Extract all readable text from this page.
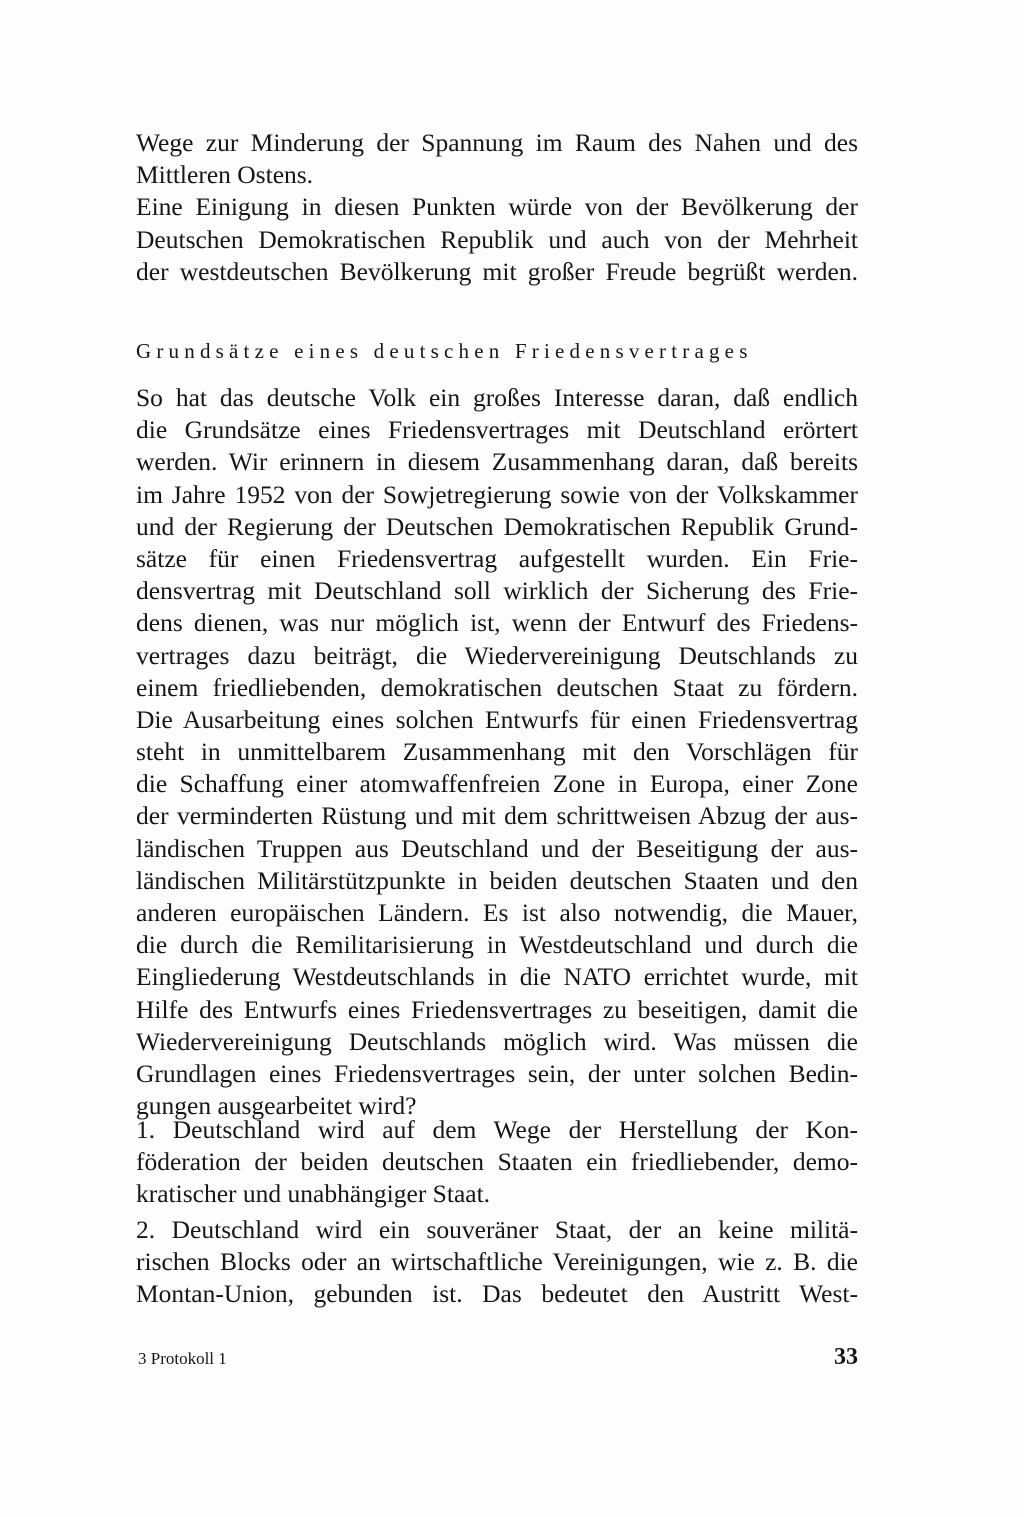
Wege zur Minderung der Spannung im Raum des Nahen und des
Mittleren Ostens.
Eine Einigung in diesen Punkten würde von der Bevölkerung der
Deutschen Demokratischen Republik und auch von der Mehrheit
der westdeutschen Bevölkerung mit großer Freude begrüßt werden.
Grundsätze eines deutschen Friedensvertrages
So hat das deutsche Volk ein großes Interesse daran, daß endlich
die Grundsätze eines Friedensvertrages mit Deutschland erörtert
werden. Wir erinnern in diesem Zusammenhang daran, daß bereits
im Jahre 1952 von der Sowjetregierung sowie von der Volkskammer
und der Regierung der Deutschen Demokratischen Republik Grund-
sätze für einen Friedensvertrag aufgestellt wurden. Ein Frie-
densvertrag mit Deutschland soll wirklich der Sicherung des Frie-
dens dienen, was nur möglich ist, wenn der Entwurf des Friedens-
vertrages dazu beiträgt, die Wiedervereinigung Deutschlands zu
einem friedliebenden, demokratischen deutschen Staat zu fördern.
Die Ausarbeitung eines solchen Entwurfs für einen Friedensvertrag
steht in unmittelbarem Zusammenhang mit den Vorschlägen für
die Schaffung einer atomwaffenfreien Zone in Europa, einer Zone
der verminderten Rüstung und mit dem schrittweisen Abzug der aus-
ländischen Truppen aus Deutschland und der Beseitigung der aus-
ländischen Militärstützpunkte in beiden deutschen Staaten und den
anderen europäischen Ländern. Es ist also notwendig, die Mauer,
die durch die Remilitarisierung in Westdeutschland und durch die
Eingliederung Westdeutschlands in die NATO errichtet wurde, mit
Hilfe des Entwurfs eines Friedensvertrages zu beseitigen, damit die
Wiedervereinigung Deutschlands möglich wird. Was müssen die
Grundlagen eines Friedensvertrages sein, der unter solchen Bedin-
gungen ausgearbeitet wird?
1. Deutschland wird auf dem Wege der Herstellung der Kon-
föderation der beiden deutschen Staaten ein friedliebender, demo-
kratischer und unabhängiger Staat.
2. Deutschland wird ein souveräner Staat, der an keine militä-
rischen Blocks oder an wirtschaftliche Vereinigungen, wie z. B. die
Montan-Union, gebunden ist. Das bedeutet den Austritt West-
3 Protokoll 1	33
